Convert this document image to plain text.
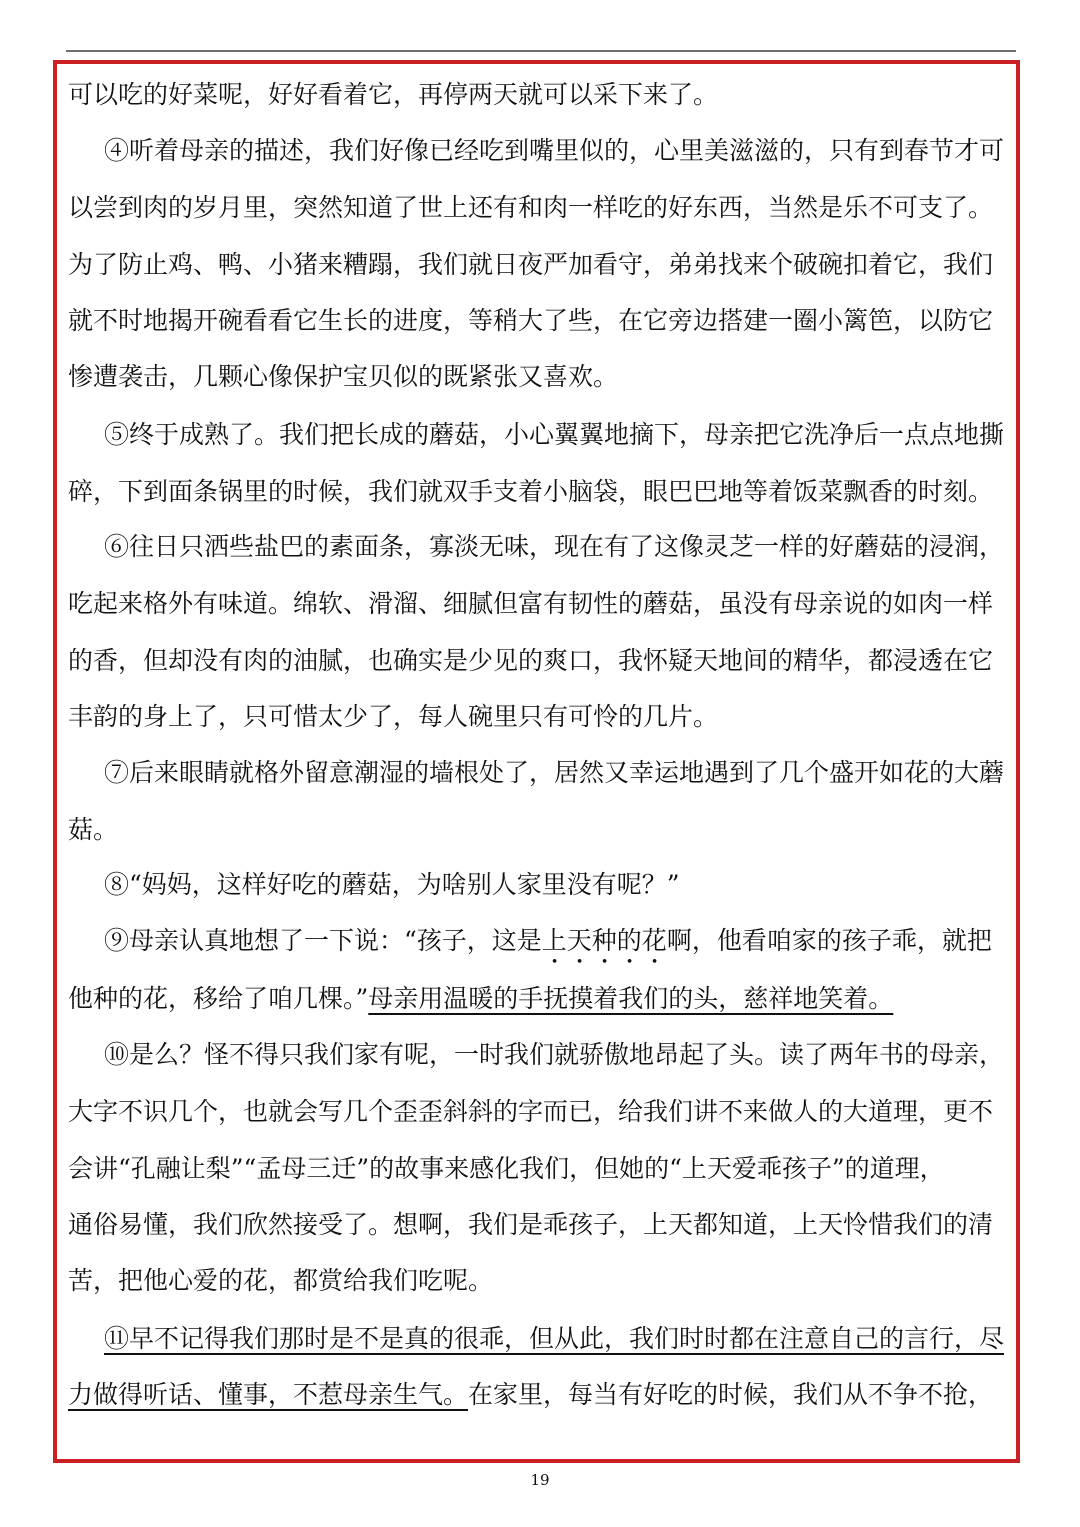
可以吃的好菜呢，好好看着它，再停两天就可以采下来了。
④听着母亲的描述，我们好像已经吃到嘴里似的，心里美滋滋的，只有到春节才可
以尝到肉的岁月里，突然知道了世上还有和肉一样吃的好东西，当然是乐不可支了。
为了防止鸡、鸭、小猪来糟蹋，我们就日夜严加看守，弟弟找来个破碗扣着它，我们
就不时地揭开碗看看它生长的进度，等稍大了些，在它旁边搭建一圈小篱笆，以防它
惨遭袭击，几颗心像保护宝贝似的既紧张又喜欢。
⑤终于成熟了。我们把长成的蘑菇，小心翼翼地摘下，母亲把它洗净后一点点地撕
碎，下到面条锅里的时候，我们就双手支着小脑袋，眼巴巴地等着饭菜飘香的时刻。
⑥往日只洒些盐巴的素面条，寡淡无味，现在有了这像灵芝一样的好蘑菇的浸润，
吃起来格外有味道。绵软、滑溜、细腻但富有韧性的蘑菇，虽没有母亲说的如肉一样
的香，但却没有肉的油腻，也确实是少见的爽口，我怀疑天地间的精华，都浸透在它
丰韵的身上了，只可惜太少了，每人碗里只有可怜的几片。
⑦后来眼睛就格外留意潮湿的墙根处了，居然又幸运地遇到了几个盛开如花的大蘑
菇。
⑧“妈妈，这样好吃的蘑菇，为啥别人家里没有呢？”
⑨母亲认真地想了一下说：“孩子，这是上天种的花啊，他看咱家的孩子乖，就把
他种的花，移给了咱几棵。”母亲用温暖的手抚摸着我们的头，慈祥地笑着。
⑩是么？怪不得只我们家有呢，一时我们就骄傲地昂起了头。读了两年书的母亲，
大字不识几个，也就会写几个歪歪斜斜的字而已，给我们讲不来做人的大道理，更不
会讲“孔融让梨”“孟母三迁”的故事来感化我们，但她的“上天爱乖孩子”的道理，
通俗易懂，我们欣然接受了。想啊，我们是乖孩子，上天都知道，上天怜惜我们的清
苦，把他心爱的花，都赏给我们吃呢。
⑪早不记得我们那时是不是真的很乖，但从此，我们时时都在注意自己的言行，尽
力做得听话、懂事，不惹母亲生气。在家里，每当有好吃的时候，我们从不争不抢，
19
